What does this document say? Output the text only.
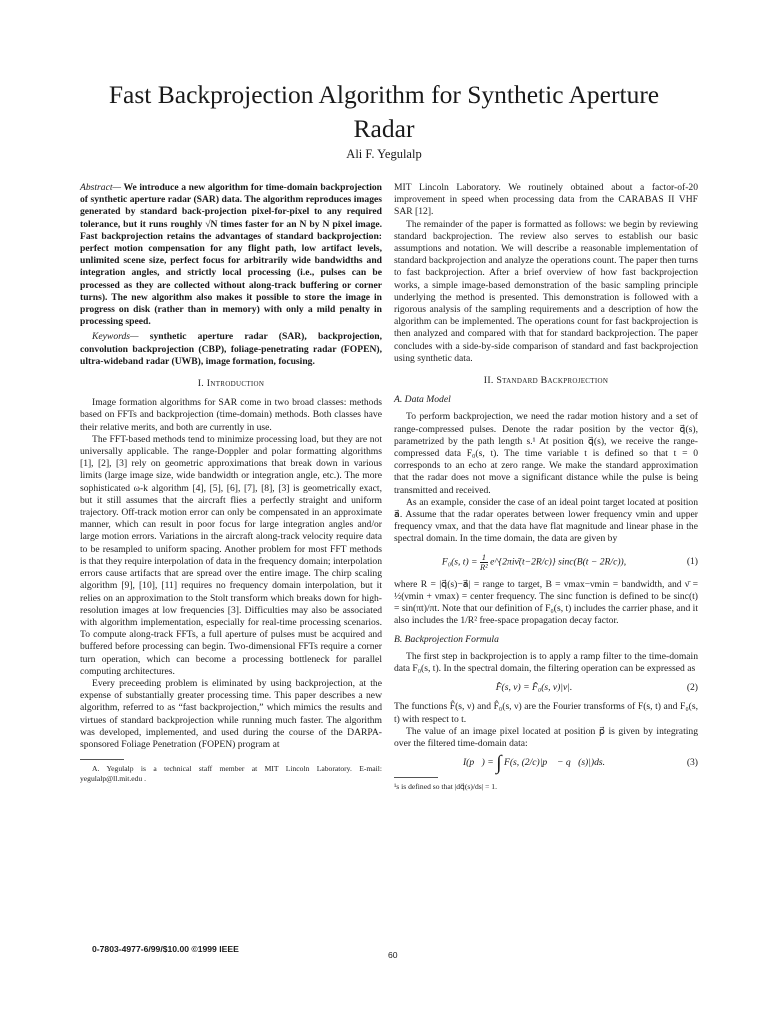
Fast Backprojection Algorithm for Synthetic Aperture
Radar
Ali F. Yegulalp

Abstract— We introduce a new algorithm for time-domain backprojection of synthetic aperture radar (SAR) data. The algorithm reproduces images generated by standard back-projection pixel-for-pixel to any required tolerance, but it runs roughly √N times faster for an N by N pixel image. Fast backprojection retains the advantages of standard backprojection: perfect motion compensation for any flight path, low artifact levels, unlimited scene size, perfect focus for arbitrarily wide bandwidths and integration angles, and strictly local processing (i.e., pulses can be processed as they are collected without along-track buffering or corner turns). The new algorithm also makes it possible to store the image in progress on disk (rather than in memory) with only a mild penalty in processing speed.

Keywords— synthetic aperture radar (SAR), backprojection, convolution backprojection (CBP), foliage-penetrating radar (FOPEN), ultra-wideband radar (UWB), image formation, focusing.

I. Introduction

Image formation algorithms for SAR come in two broad classes: methods based on FFTs and backprojection (time-domain) methods. Both classes have their relative merits, and both are currently in use.

The FFT-based methods tend to minimize processing load, but they are not universally applicable. The range-Doppler and polar formatting algorithms [1], [2], [3] rely on geometric approximations that break down in various limits (large image size, wide bandwidth or integration angle, etc.). The more sophisticated ω-k algorithm [4], [5], [6], [7], [8], [3] is geometrically exact, but it still assumes that the aircraft flies a perfectly straight and uniform trajectory. Off-track motion error can only be compensated in an approximate manner, which can result in poor focus for large integration angles and/or large motion errors. Variations in the aircraft along-track velocity require data to be resampled to uniform spacing. Another problem for most FFT methods is that they require interpolation of data in the frequency domain; interpolation errors cause artifacts that are spread over the entire image. The chirp scaling algorithm [9], [10], [11] requires no frequency domain interpolation, but it relies on an approximation to the Stolt transform which breaks down for high-resolution images at low frequencies [3]. Difficulties may also be associated with algorithm implementation, especially for real-time processing scenarios. To compute along-track FFTs, a full aperture of pulses must be acquired and buffered before processing can begin. Two-dimensional FFTs require a corner turn operation, which can become a processing bottleneck for parallel computing architectures.

Every preceeding problem is eliminated by using backprojection, at the expense of substantially greater processing time. This paper describes a new algorithm, referred to as “fast backprojection,” which mimics the results and virtues of standard backprojection while running much faster. The algorithm was developed, implemented, and used during the course of the DARPA-sponsored Foliage Penetration (FOPEN) program at

A. Yegulalp is a technical staff member at MIT Lincoln Laboratory. E-mail: yegulalp@ll.mit.edu .

MIT Lincoln Laboratory. We routinely obtained about a factor-of-20 improvement in speed when processing data from the CARABAS II VHF SAR [12].

The remainder of the paper is formatted as follows: we begin by reviewing standard backprojection. The review also serves to establish our basic assumptions and notation. We will describe a reasonable implementation of standard backprojection and analyze the operations count. The paper then turns to fast backprojection. After a brief overview of how fast backprojection works, a simple image-based demonstration of the basic sampling principle underlying the method is presented. This demonstration is followed with a rigorous analysis of the sampling requirements and a description of how the algorithm can be implemented. The operations count for fast backprojection is then analyzed and compared with that for standard backprojection. The paper concludes with a side-by-side comparison of standard and fast backprojection using synthetic data.

II. Standard Backprojection
A. Data Model

To perform backprojection, we need the radar motion history and a set of range-compressed pulses. Denote the radar position by the vector q⃗(s), parametrized by the path length s.¹ At position q⃗(s), we receive the range-compressed data F₀(s, t). The time variable t is defined so that t = 0 corresponds to an echo at zero range. We make the standard approximation that the radar does not move a significant distance while the pulse is being transmitted and received.

As an example, consider the case of an ideal point target located at position a⃗. Assume that the radar operates between lower frequency νmin and upper frequency νmax, and that the data have flat magnitude and linear phase in the spectral domain. In the time domain, the data are given by

F₀(s, $t) = \frac{1}{\text{R²}}$ e^{2πiν̄(t−2R/c)} sinc(B(t − 2R/c)),	(1)

where R = |q⃗(s)−a⃗| = range to target, B = νmax−νmin = bandwidth, and ν̄ = ½(νmin + νmax) = center frequency. The sinc function is defined to be sinc(t) = sin(πt)/πt. Note that our definition of F₀(s, t) includes the carrier phase, and it also includes the 1/R² free-space propagation decay factor.

B. Backprojection Formula

The first step in backprojection is to apply a ramp filter to the time-domain data F₀(s, t). In the spectral domain, the filtering operation can be expressed as

F̂(s, ν) = F̂₀(s, ν)|ν|.	(2)

The functions F̂(s, ν) and F̂₀(s, ν) are the Fourier transforms of F(s, t) and F₀(s, t) with respect to t.

The value of an image pixel located at position p⃗ is given by integrating over the filtered time-domain data:

I(p⃗) = ∫ F(s, (2/c)|p⃗ − q⃗(s)|)ds.	(3)

¹s is defined so that |dq⃗(s)/ds| = 1.

0-7803-4977-6/99/$10.00 ©1999 IEEE
60
